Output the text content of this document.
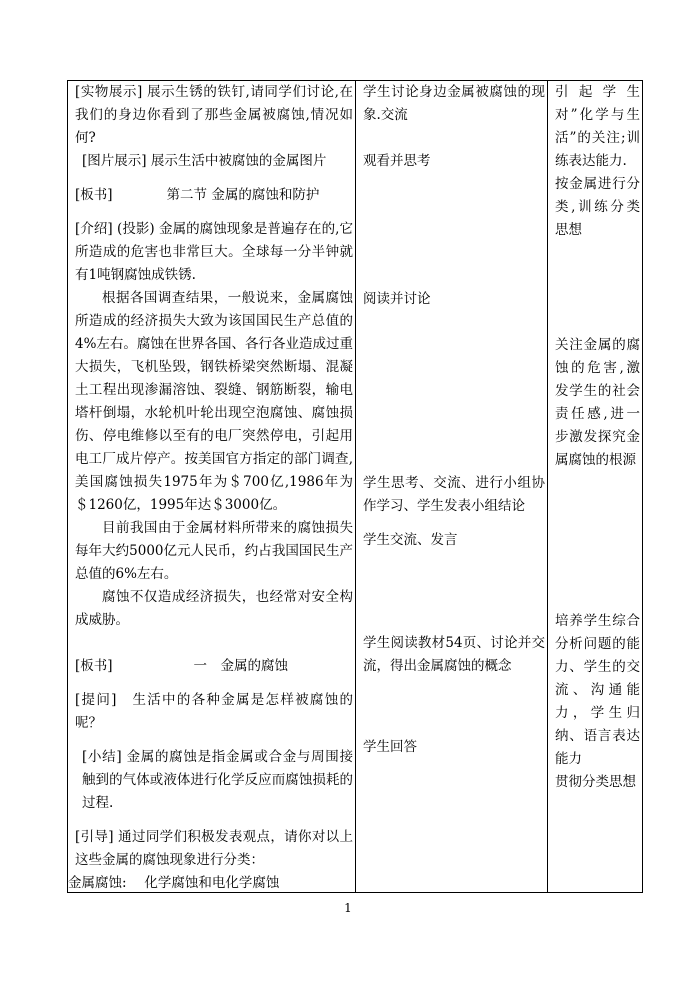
[实物展示] 展示生锈的铁钉,请同学们讨论,在我们的身边你看到了那些金属被腐蚀,情况如何?

[图片展示] 展示生活中被腐蚀的金属图片

[板书]　　　　第二节 金属的腐蚀和防护

[介绍] (投影) 金属的腐蚀现象是普遍存在的,它所造成的危害也非常巨大。全球每一分半钟就有1吨钢腐蚀成铁锈.

根据各国调查结果，一般说来，金属腐蚀所造成的经济损失大致为该国国民生产总值的4%左右。腐蚀在世界各国、各行各业造成过重大损失，飞机坠毁，钢铁桥梁突然断塌、混凝土工程出现渗漏溶蚀、裂缝、钢筋断裂，输电塔杆倒塌，水轮机叶轮出现空泡腐蚀、腐蚀损伤、停电维修以至有的电厂突然停电，引起用电工厂成片停产。按美国官方指定的部门调查,美国腐蚀损失1975年为＄700亿,1986年为＄1260亿，1995年达＄3000亿。

目前我国由于金属材料所带来的腐蚀损失每年大约5000亿元人民币，约占我国国民生产总值的6%左右。

腐蚀不仅造成经济损失，也经常对安全构成威胁。

[板书]　　　　　　一　金属的腐蚀

[提问]　生活中的各种金属是怎样被腐蚀的呢？

[小结] 金属的腐蚀是指金属或合金与周围接触到的气体或液体进行化学反应而腐蚀损耗的过程.

[引导] 通过同学们积极发表观点，请你对以上这些金属的腐蚀现象进行分类：

金属腐蚀:　 化学腐蚀和电化学腐蚀

学生讨论身边金属被腐蚀的现象.交流

观看并思考

阅读并讨论

学生思考、交流、进行小组协作学习、学生发表小组结论

学生交流、发言

学生阅读教材54页、讨论并交流，得出金属腐蚀的概念

学生回答

引起学生对”化学与生活”的关注;训练表达能力.

按金属进行分类,训练分类思想

关注金属的腐蚀的危害,激发学生的社会责任感,进一步激发探究金属腐蚀的根源

培养学生综合分析问题的能力、学生的交流、沟通能力，学生归纳、语言表达能力

贯彻分类思想

1
